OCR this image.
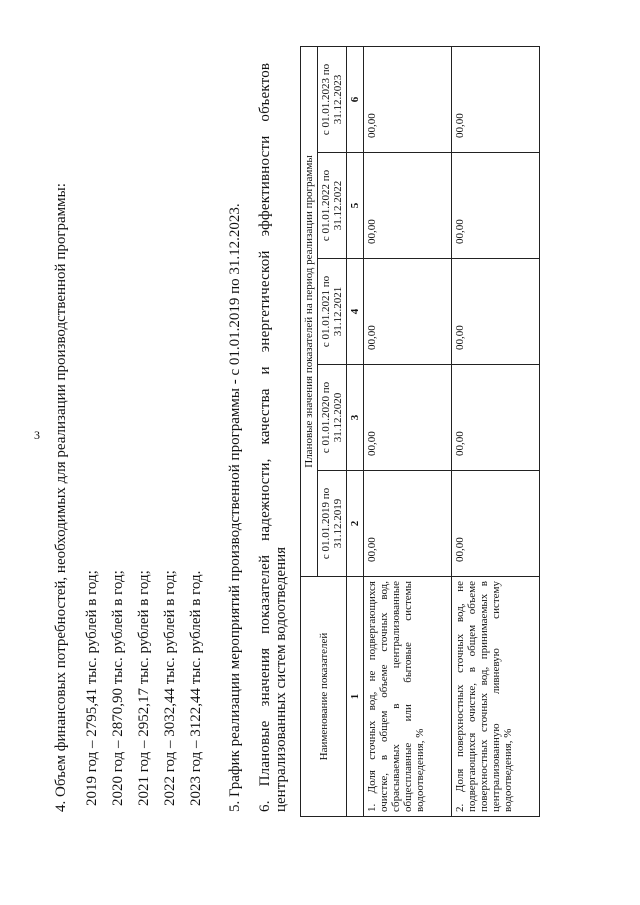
3 4. Объем финансовых потребностей, необходимых для реализации производственной программы: 2019 год – 2795,41 тыс. рублей в год; 2020 год – 2870,90 тыс. рублей в год; 2021 год – 2952,17 тыс. рублей в год; 2022 год – 3032,44 тыс. рублей в год; 2023 год – 3122,44 тыс. рублей в год. 5. График реализации мероприятий производственной программы - с 01.01.2019 по 31.12.2023. 6. Плановые значения показателей надежности, качества и энергетической эффективности объектов централизованных систем водоотведения	Наименование показателей	Плановые значения показателей на период реализации программы				
	с 01.01.2019 по 31.12.2019	с 01.01.2020 по 31.12.2020	с 01.01.2021 по 31.12.2021	с 01.01.2022 по 31.12.2022	с 01.01.2023 по 31.12.2023
1	2	3	4	5	6
1. Доля сточных вод, не подвергающихся очистке, в общем объеме сточных вод, сбрасываемых в централизованные общесплавные или бытовые системы водоотведения, %	00,00	00,00	00,00	00,00	00,00
2. Доля поверхностных сточных вод, не подвергающихся очистке, в общем объеме поверхностных сточных вод, принимаемых в централизованную ливневую систему водоотведения, %	00,00	00,00	00,00	00,00	00,00
